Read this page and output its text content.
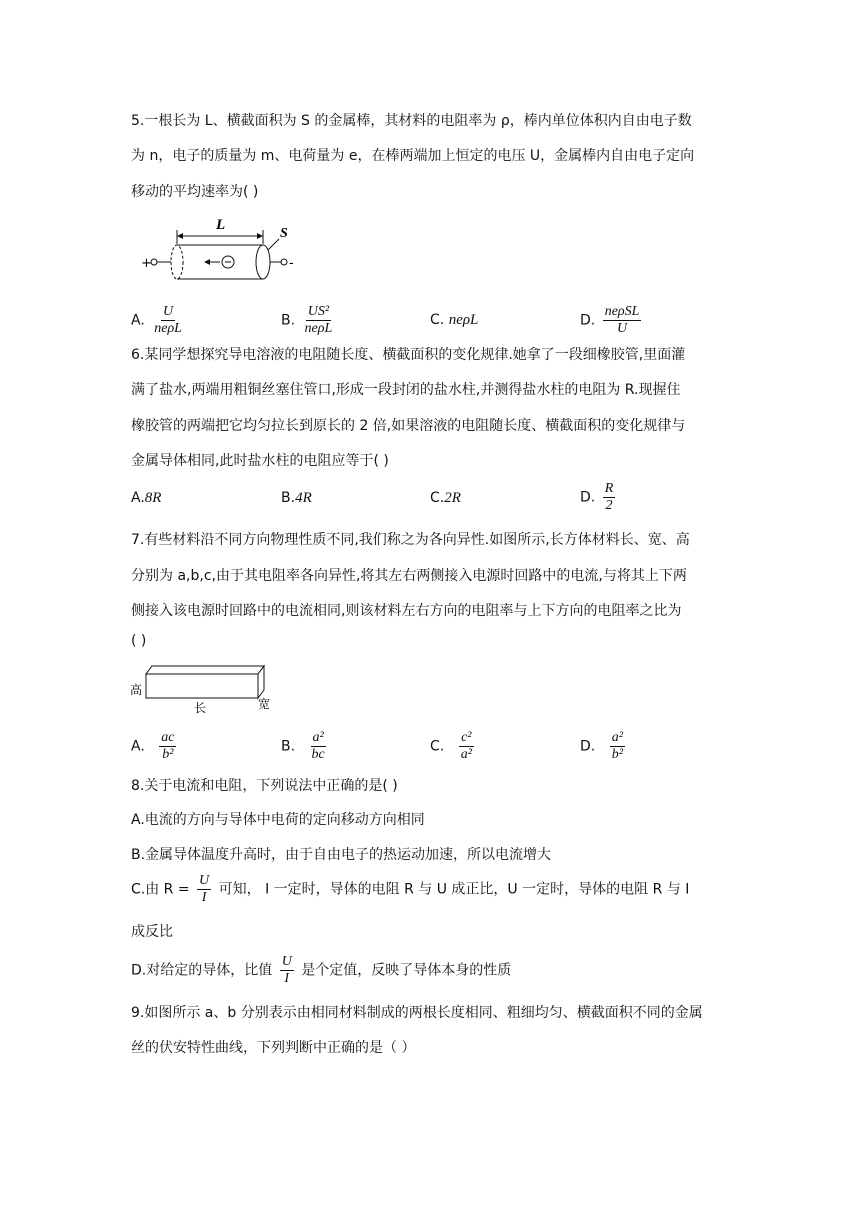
5.一根长为 L、横截面积为 S 的金属棒，其材料的电阻率为 ρ，棒内单位体积内自由电子数
为 n，电子的质量为 m、电荷量为 e，在棒两端加上恒定的电压 U，金属棒内自由电子定向
移动的平均速率为( )
L
+	-
S
A. $\frac{U}{\text{neρL}}$	B. $\frac{\text{US²}}{\text{neρL}}$	C. neρL	D. $\frac{\text{neρSL}}{U}$
6.某同学想探究导电溶液的电阻随长度、横截面积的变化规律.她拿了一段细橡胶管,里面灌
满了盐水,两端用粗铜丝塞住管口,形成一段封闭的盐水柱,并测得盐水柱的电阻为 R.现握住
橡胶管的两端把它均匀拉长到原长的 2 倍,如果溶液的电阻随长度、横截面积的变化规律与
金属导体相同,此时盐水柱的电阻应等于( )
A.8R	B.4R	C.2R	D. $\frac{R}{2}$
7.有些材料沿不同方向物理性质不同,我们称之为各向异性.如图所示,长方体材料长、宽、高
分别为 a,b,c,由于其电阻率各向异性,将其左右两侧接入电源时回路中的电流,与将其上下两
侧接入该电源时回路中的电流相同,则该材料左右方向的电阻率与上下方向的电阻率之比为
( )
高
长	宽
A. $\frac{ac}{\text{b²}}$	B. $\frac{\text{a²}}{bc}$	C. $\frac{\text{c²}}{\text{a²}}$	D. $\frac{\text{a²}}{\text{b²}}$
8.关于电流和电阻，下列说法中正确的是( )
A.电流的方向与导体中电荷的定向移动方向相同
B.金属导体温度升高时，由于自由电子的热运动加速，所以电流增大
C.由 $R = \frac{U}{I}$ 可知， I 一定时，导体的电阻 R 与 U 成正比，U 一定时，导体的电阻 R 与 I
成反比
D.对给定的导体，比值 $\frac{U}{I}$ 是个定值，反映了导体本身的性质
9.如图所示 a、b 分别表示由相同材料制成的两根长度相同、粗细均匀、横截面积不同的金属
丝的伏安特性曲线，下列判断中正确的是（ ）
